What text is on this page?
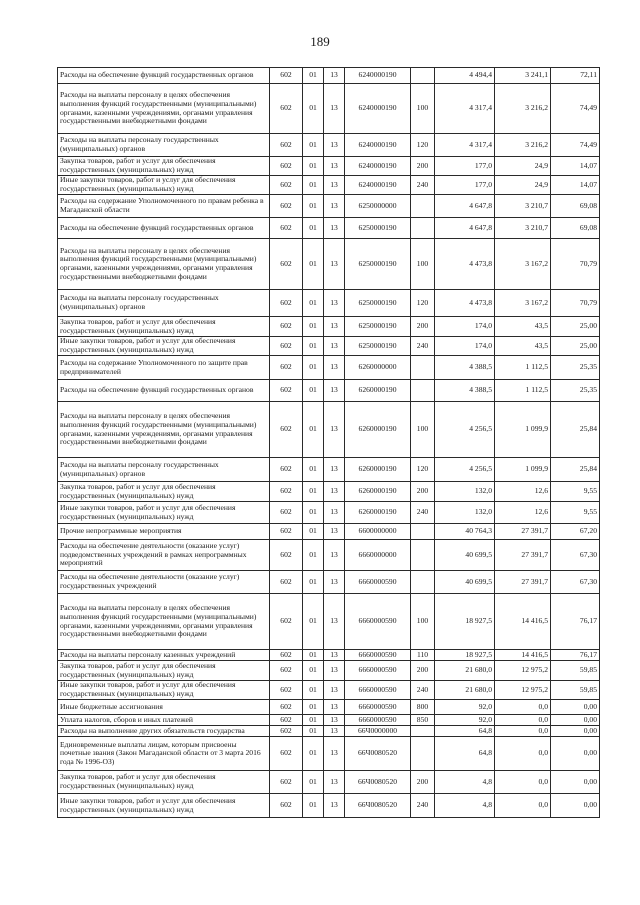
189
Расходы на обеспечение функций государственных органов	602	01	13	6240000190		4 494,4	3 241,1	72,11
Расходы на выплаты персоналу в целях обеспечения выполнения функций государственными (муниципальными) органами, казенными учреждениями, органами управления государственными внебюджетными фондами	602	01	13	6240000190	100	4 317,4	3 216,2	74,49
Расходы на выплаты персоналу государственных (муниципальных) органов	602	01	13	6240000190	120	4 317,4	3 216,2	74,49
Закупка товаров, работ и услуг для обеспечения государственных (муниципальных) нужд	602	01	13	6240000190	200	177,0	24,9	14,07
Иные закупки товаров, работ и услуг для обеспечения государственных (муниципальных) нужд	602	01	13	6240000190	240	177,0	24,9	14,07
Расходы на содержание Уполномоченного по правам ребенка в Магаданской области	602	01	13	6250000000		4 647,8	3 210,7	69,08
Расходы на обеспечение функций государственных органов	602	01	13	6250000190		4 647,8	3 210,7	69,08
Расходы на выплаты персоналу в целях обеспечения выполнения функций государственными (муниципальными) органами, казенными учреждениями, органами управления государственными внебюджетными фондами	602	01	13	6250000190	100	4 473,8	3 167,2	70,79
Расходы на выплаты персоналу государственных (муниципальных) органов	602	01	13	6250000190	120	4 473,8	3 167,2	70,79
Закупка товаров, работ и услуг для обеспечения государственных (муниципальных) нужд	602	01	13	6250000190	200	174,0	43,5	25,00
Иные закупки товаров, работ и услуг для обеспечения государственных (муниципальных) нужд	602	01	13	6250000190	240	174,0	43,5	25,00
Расходы на содержание Уполномоченного по защите прав предпринимателей	602	01	13	6260000000		4 388,5	1 112,5	25,35
Расходы на обеспечение функций государственных органов	602	01	13	6260000190		4 388,5	1 112,5	25,35
Расходы на выплаты персоналу в целях обеспечения выполнения функций государственными (муниципальными) органами, казенными учреждениями, органами управления государственными внебюджетными фондами	602	01	13	6260000190	100	4 256,5	1 099,9	25,84
Расходы на выплаты персоналу государственных (муниципальных) органов	602	01	13	6260000190	120	4 256,5	1 099,9	25,84
Закупка товаров, работ и услуг для обеспечения государственных (муниципальных) нужд	602	01	13	6260000190	200	132,0	12,6	9,55
Иные закупки товаров, работ и услуг для обеспечения государственных (муниципальных) нужд	602	01	13	6260000190	240	132,0	12,6	9,55
Прочие непрограммные мероприятия	602	01	13	6600000000		40 764,3	27 391,7	67,20
Расходы на обеспечение деятельности (оказание услуг) подведомственных учреждений в рамках непрограммных мероприятий	602	01	13	6660000000		40 699,5	27 391,7	67,30
Расходы на обеспечение деятельности (оказание услуг) государственных учреждений	602	01	13	6660000590		40 699,5	27 391,7	67,30
Расходы на выплаты персоналу в целях обеспечения выполнения функций государственными (муниципальными) органами, казенными учреждениями, органами управления государственными внебюджетными фондами	602	01	13	6660000590	100	18 927,5	14 416,5	76,17
Расходы на выплаты персоналу казенных учреждений	602	01	13	6660000590	110	18 927,5	14 416,5	76,17
Закупка товаров, работ и услуг для обеспечения государственных (муниципальных) нужд	602	01	13	6660000590	200	21 680,0	12 975,2	59,85
Иные закупки товаров, работ и услуг для обеспечения государственных (муниципальных) нужд	602	01	13	6660000590	240	21 680,0	12 975,2	59,85
Иные бюджетные ассигнования	602	01	13	6660000590	800	92,0	0,0	0,00
Уплата налогов, сборов и иных платежей	602	01	13	6660000590	850	92,0	0,0	0,00
Расходы на выполнение других обязательств государства	602	01	13	66Ч0000000		64,8	0,0	0,00
Единовременные выплаты лицам, которым присвоены почетные звания (Закон Магаданской области от 3 марта 2016 года № 1996-ОЗ)	602	01	13	66Ч0080520		64,8	0,0	0,00
Закупка товаров, работ и услуг для обеспечения государственных (муниципальных) нужд	602	01	13	66Ч0080520	200	4,8	0,0	0,00
Иные закупки товаров, работ и услуг для обеспечения государственных (муниципальных) нужд	602	01	13	66Ч0080520	240	4,8	0,0	0,00
